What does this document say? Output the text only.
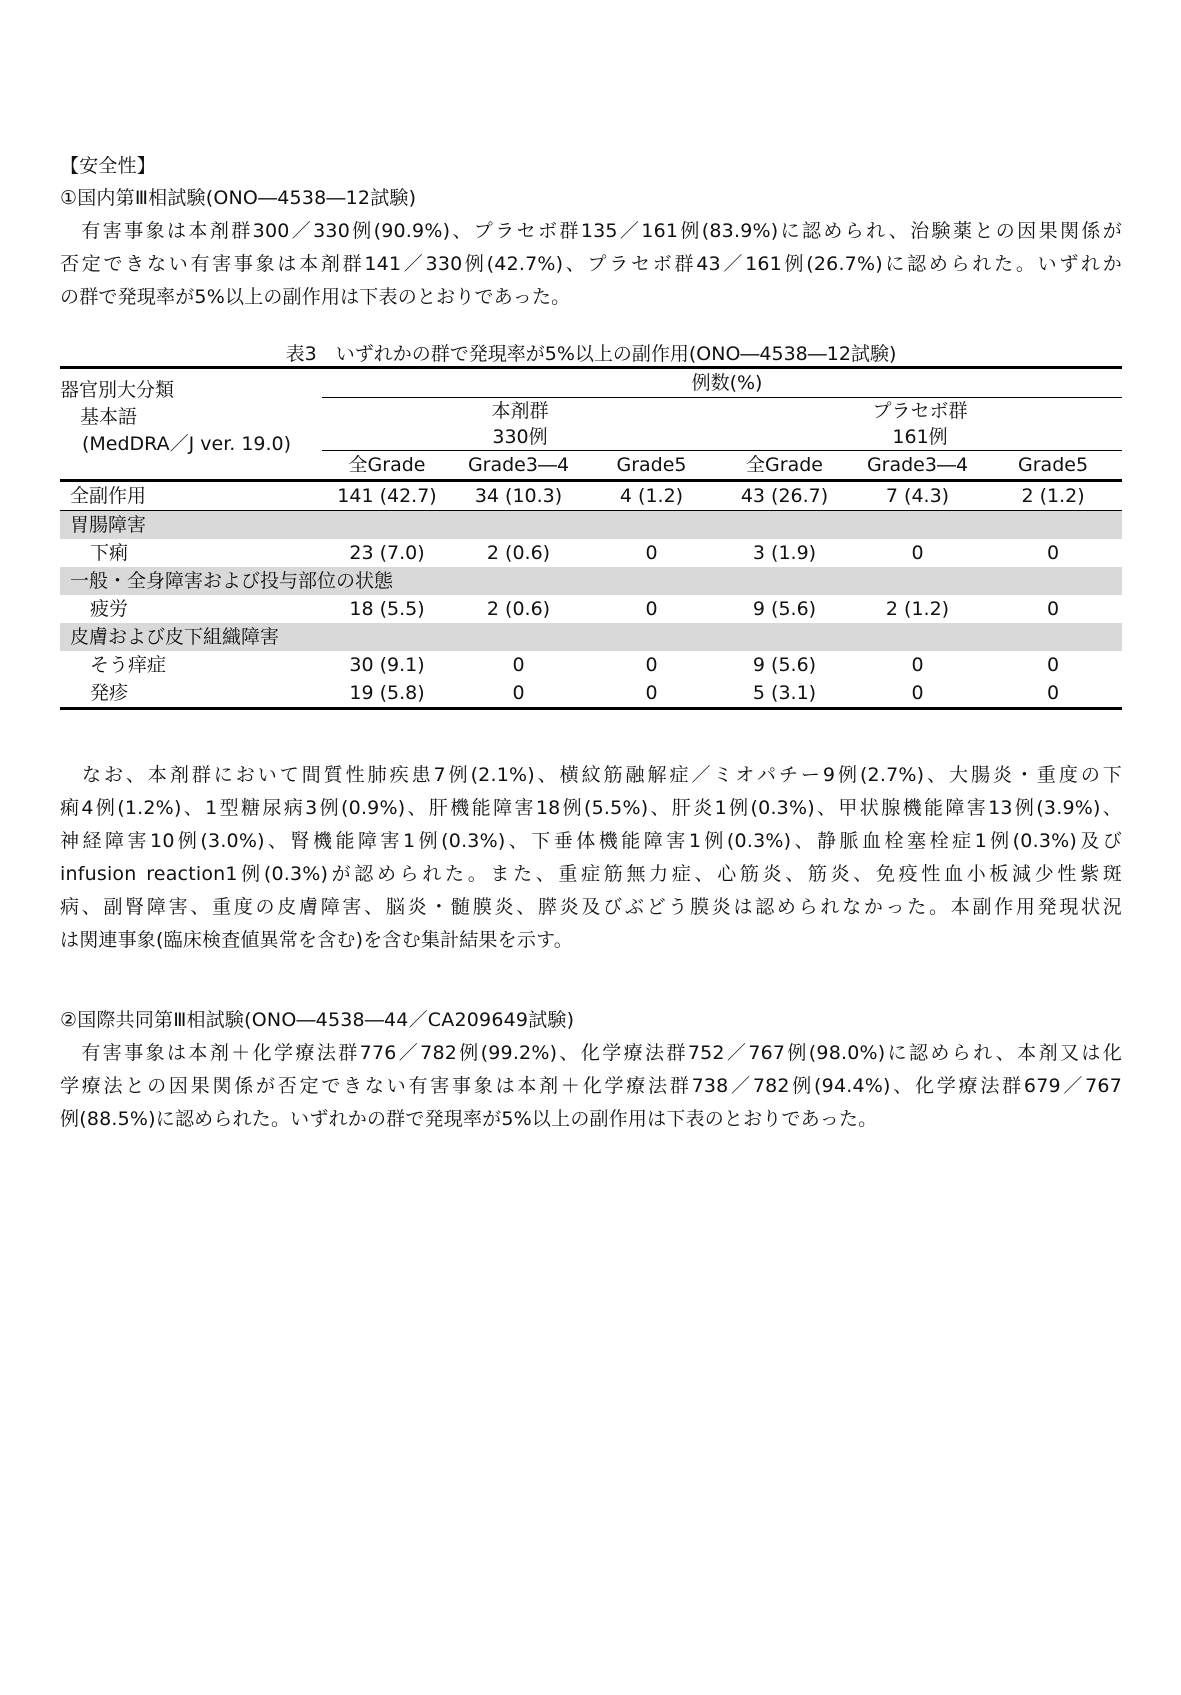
【安全性】
①国内第Ⅲ相試験(ONO―4538―12試験)
　有害事象は本剤群300／330例(90.9%)、プラセボ群135／161例(83.9%)に認められ、治験薬との因果関係が
否定できない有害事象は本剤群141／330例(42.7%)、プラセボ群43／161例(26.7%)に認められた。いずれか
の群で発現率が5%以上の副作用は下表のとおりであった。
表3　いずれかの群で発現率が5%以上の副作用(ONO―4538―12試験)
器官別大分類
基本語
(MedDRA／J ver. 19.0)	例数(%)					
	本剤群			プラセボ群		
	330例			161例		
	全Grade	Grade3―4	Grade5	全Grade	Grade3―4	Grade5
全副作用	141 (42.7)	34 (10.3)	4 (1.2)	43 (26.7)	7 (4.3)	2 (1.2)
胃腸障害						
下痢	23 (7.0)	2 (0.6)	0	3 (1.9)	0	0
一般・全身障害および投与部位の状態						
疲労	18 (5.5)	2 (0.6)	0	9 (5.6)	2 (1.2)	0
皮膚および皮下組織障害						
そう痒症	30 (9.1)	0	0	9 (5.6)	0	0
発疹	19 (5.8)	0	0	5 (3.1)	0	0
　なお、本剤群において間質性肺疾患7例(2.1%)、横紋筋融解症／ミオパチー9例(2.7%)、大腸炎・重度の下
痢4例(1.2%)、1型糖尿病3例(0.9%)、肝機能障害18例(5.5%)、肝炎1例(0.3%)、甲状腺機能障害13例(3.9%)、
神経障害10例(3.0%)、腎機能障害1例(0.3%)、下垂体機能障害1例(0.3%)、静脈血栓塞栓症1例(0.3%)及び
infusion reaction1例(0.3%)が認められた。また、重症筋無力症、心筋炎、筋炎、免疫性血小板減少性紫斑
病、副腎障害、重度の皮膚障害、脳炎・髄膜炎、膵炎及びぶどう膜炎は認められなかった。本副作用発現状況
は関連事象(臨床検査値異常を含む)を含む集計結果を示す。
②国際共同第Ⅲ相試験(ONO―4538―44／CA209649試験)
　有害事象は本剤＋化学療法群776／782例(99.2%)、化学療法群752／767例(98.0%)に認められ、本剤又は化
学療法との因果関係が否定できない有害事象は本剤＋化学療法群738／782例(94.4%)、化学療法群679／767
例(88.5%)に認められた。いずれかの群で発現率が5%以上の副作用は下表のとおりであった。
